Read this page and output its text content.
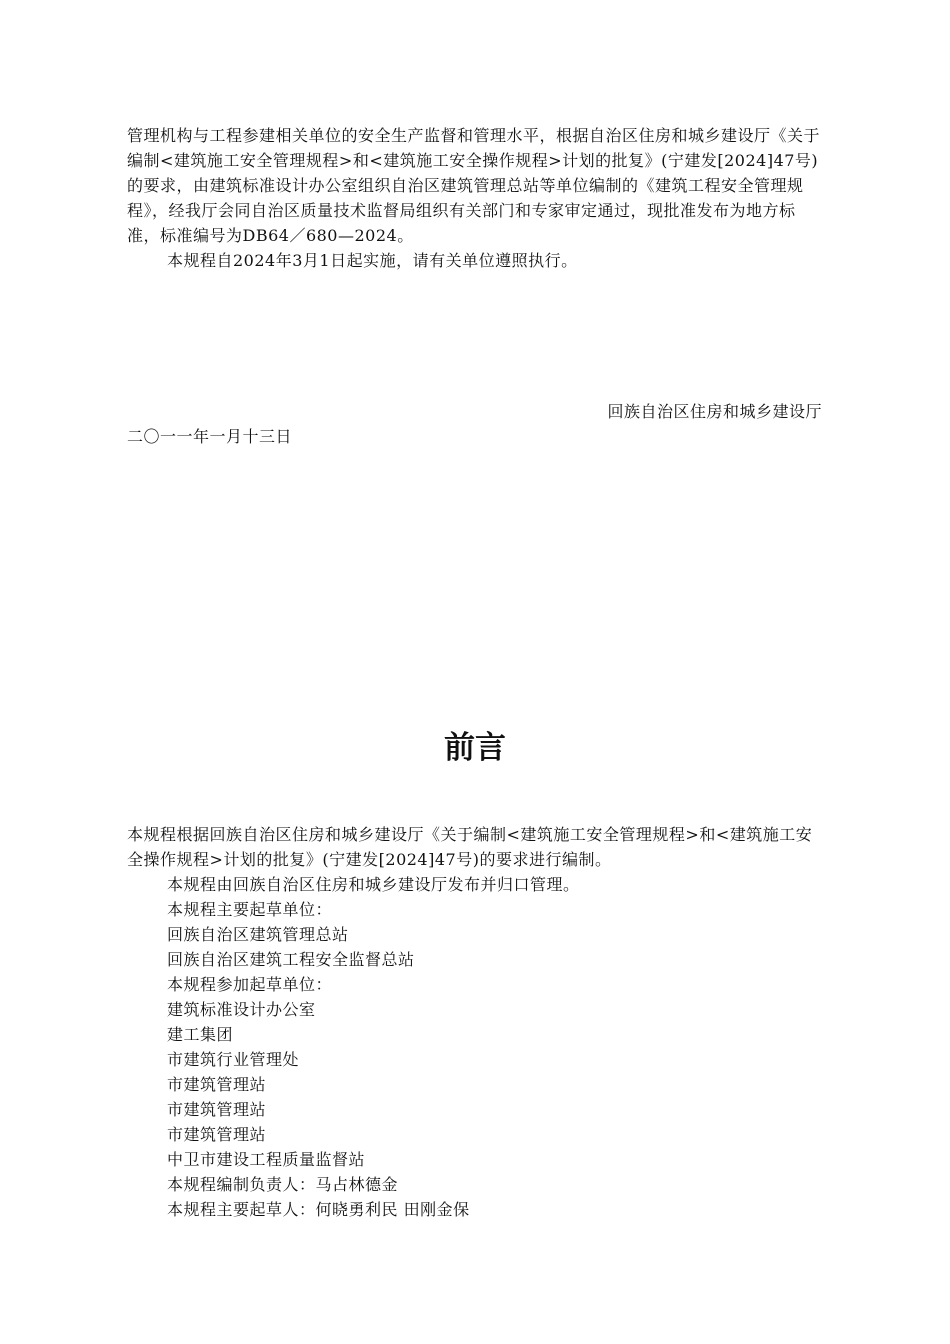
管理机构与工程参建相关单位的安全生产监督和管理水平，根据自治区住房和城乡建设厅《关于编制<建筑施工安全管理规程>和<建筑施工安全操作规程>计划的批复》(宁建发[2024]47号)的要求，由建筑标准设计办公室组织自治区建筑管理总站等单位编制的《建筑工程安全管理规程》，经我厅会同自治区质量技术监督局组织有关部门和专家审定通过，现批准发布为地方标准，标准编号为DB64／680—2024。

本规程自2024年3月1日起实施，请有关单位遵照执行。

回族自治区住房和城乡建设厅
二〇一一年一月十三日
前言

本规程根据回族自治区住房和城乡建设厅《关于编制<建筑施工安全管理规程>和<建筑施工安全操作规程>计划的批复》(宁建发[2024]47号)的要求进行编制。

本规程由回族自治区住房和城乡建设厅发布并归口管理。

本规程主要起草单位：

回族自治区建筑管理总站

回族自治区建筑工程安全监督总站

本规程参加起草单位：

建筑标准设计办公室

建工集团

市建筑行业管理处

市建筑管理站

市建筑管理站

市建筑管理站

中卫市建设工程质量监督站

本规程编制负责人：马占林德金

本规程主要起草人：何晓勇利民 田刚金保
